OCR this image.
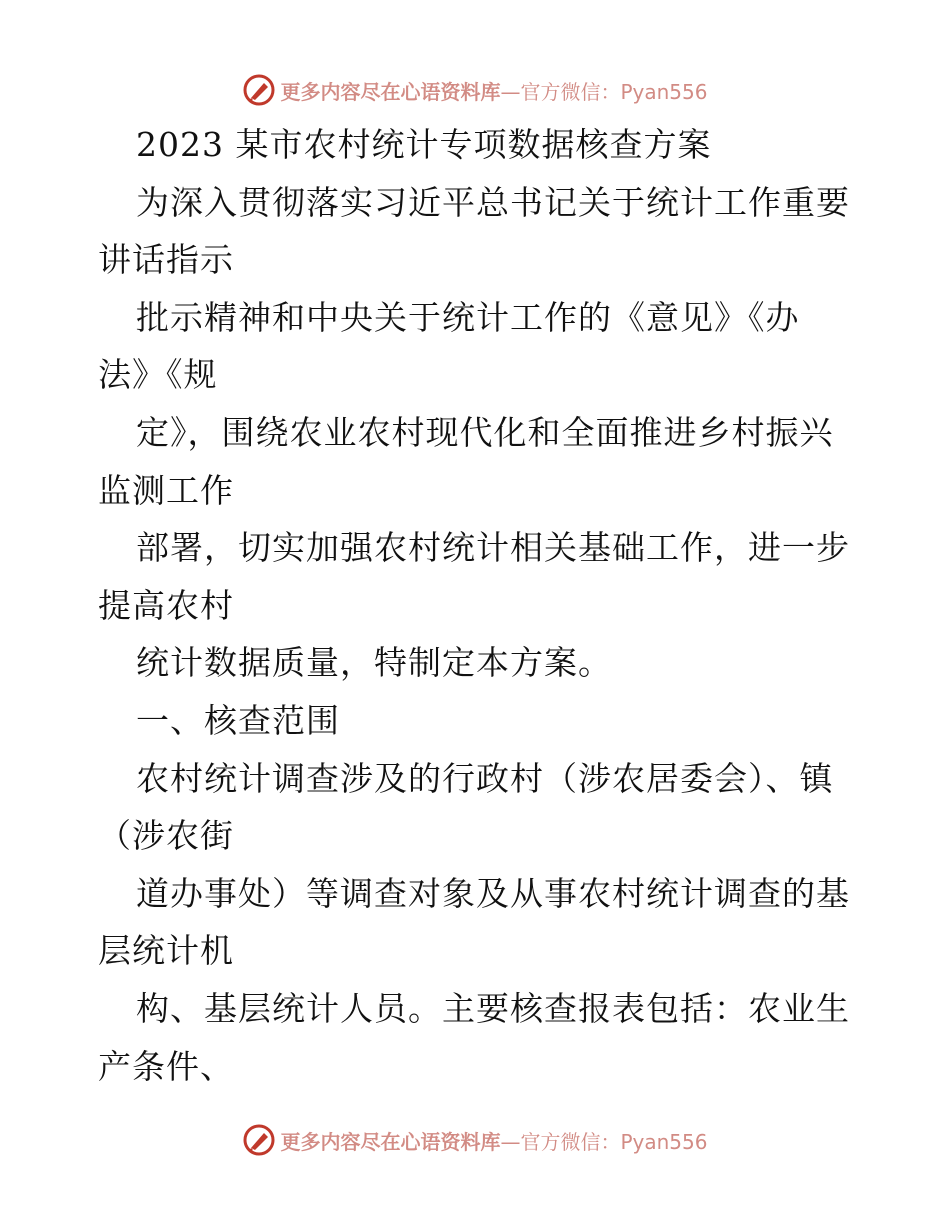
更多内容尽在心语资料库—官方微信：Pyan556
2023 某市农村统计专项数据核查方案
为深入贯彻落实习近平总书记关于统计工作重要
讲话指示
批示精神和中央关于统计工作的《意见》《办
法》《规
定》，围绕农业农村现代化和全面推进乡村振兴
监测工作
部署，切实加强农村统计相关基础工作，进一步
提高农村
统计数据质量，特制定本方案。
一、核查范围
农村统计调查涉及的行政村（涉农居委会）、镇
（涉农街
道办事处）等调查对象及从事农村统计调查的基
层统计机
构、基层统计人员。主要核查报表包括：农业生
产条件、
更多内容尽在心语资料库—官方微信：Pyan556
